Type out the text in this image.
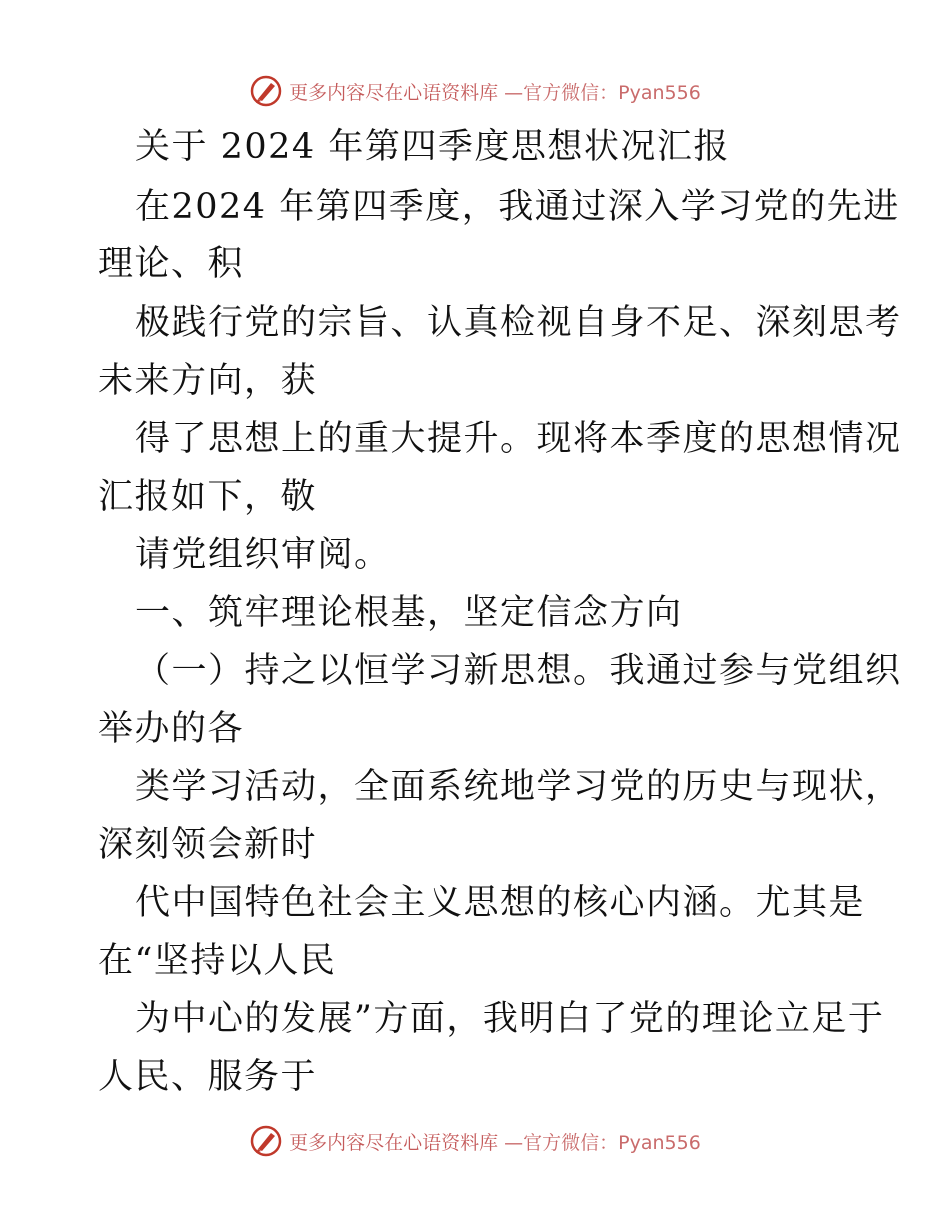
更多内容尽在心语资料库 —官方微信：Pyan556
关于 2024 年第四季度思想状况汇报
在2024 年第四季度，我通过深入学习党的先进
理论、积
极践行党的宗旨、认真检视自身不足、深刻思考
未来方向，获
得了思想上的重大提升。现将本季度的思想情况
汇报如下，敬
请党组织审阅。
一、筑牢理论根基，坚定信念方向
（一）持之以恒学习新思想。我通过参与党组织
举办的各
类学习活动，全面系统地学习党的历史与现状，
深刻领会新时
代中国特色社会主义思想的核心内涵。尤其是
在“坚持以人民
为中心的发展”方面，我明白了党的理论立足于
人民、服务于
更多内容尽在心语资料库 —官方微信：Pyan556
